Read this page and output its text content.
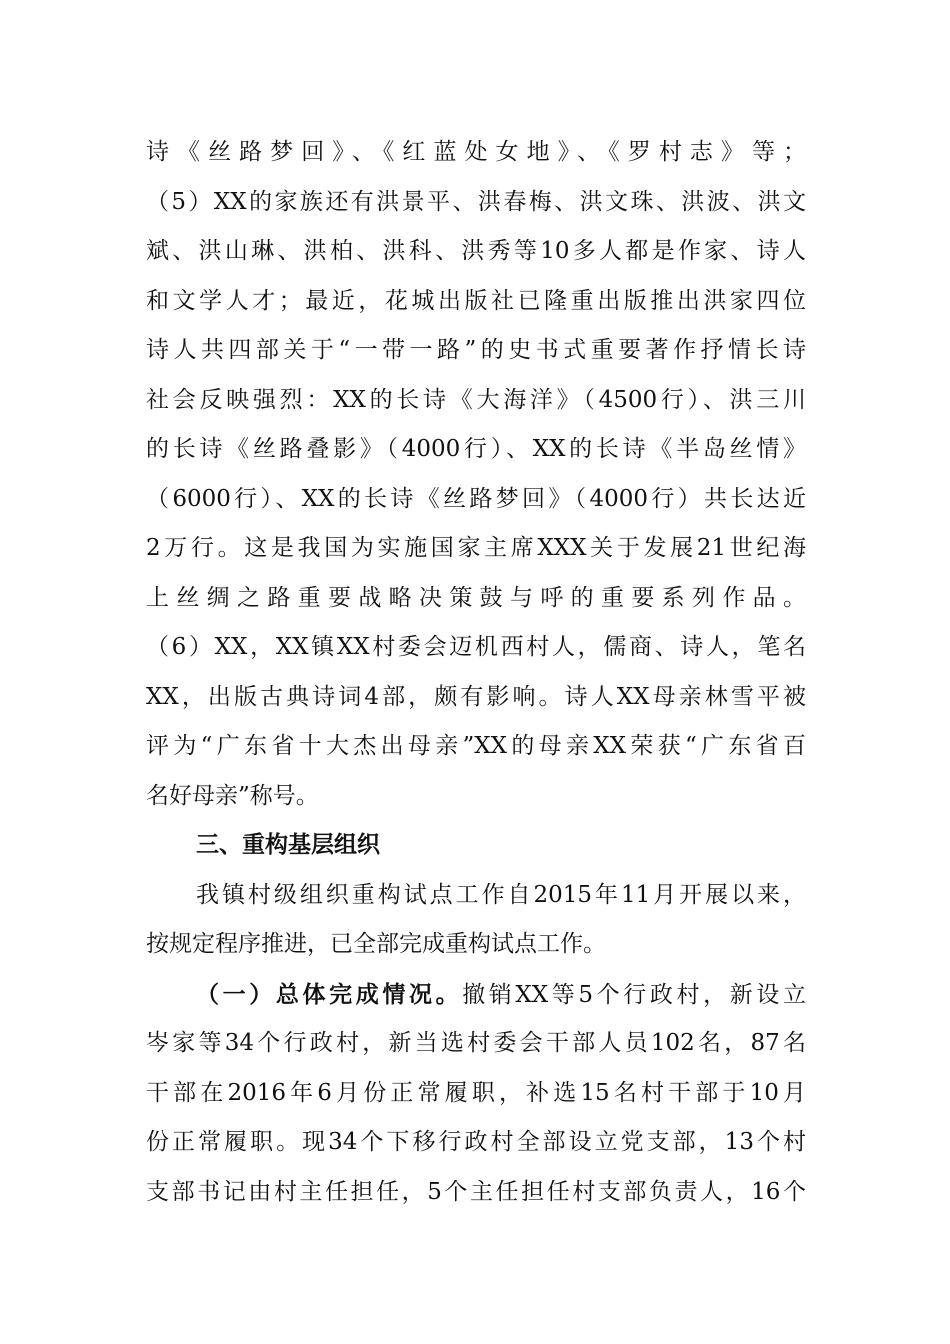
诗《丝路梦回》、《红蓝处女地》、《罗村志》等；
（5）XX的家族还有洪景平、洪春梅、洪文珠、洪波、洪文
斌、洪山琳、洪柏、洪科、洪秀等10多人都是作家、诗人
和文学人才；最近，花城出版社已隆重出版推出洪家四位
诗人共四部关于“一带一路”的史书式重要著作抒情长诗
社会反映强烈：XX的长诗《大海洋》（4500行）、洪三川
的长诗《丝路叠影》（4000行）、XX的长诗《半岛丝情》
（6000行）、XX的长诗《丝路梦回》（4000行）共长达近
2万行。这是我国为实施国家主席XXX关于发展21世纪海
上丝绸之路重要战略决策鼓与呼的重要系列作品。
（6）XX，XX镇XX村委会迈机西村人，儒商、诗人，笔名
XX，出版古典诗词4部，颇有影响。诗人XX母亲林雪平被
评为“广东省十大杰出母亲”XX的母亲XX荣获“广东省百
名好母亲”称号。
三、重构基层组织
我镇村级组织重构试点工作自2015年11月开展以来，
按规定程序推进，已全部完成重构试点工作。
（一）总体完成情况。撤销XX等5个行政村，新设立
岑家等34个行政村，新当选村委会干部人员102名，87名
干部在2016年6月份正常履职，补选15名村干部于10月
份正常履职。现34个下移行政村全部设立党支部，13个村
支部书记由村主任担任，5个主任担任村支部负责人，16个
